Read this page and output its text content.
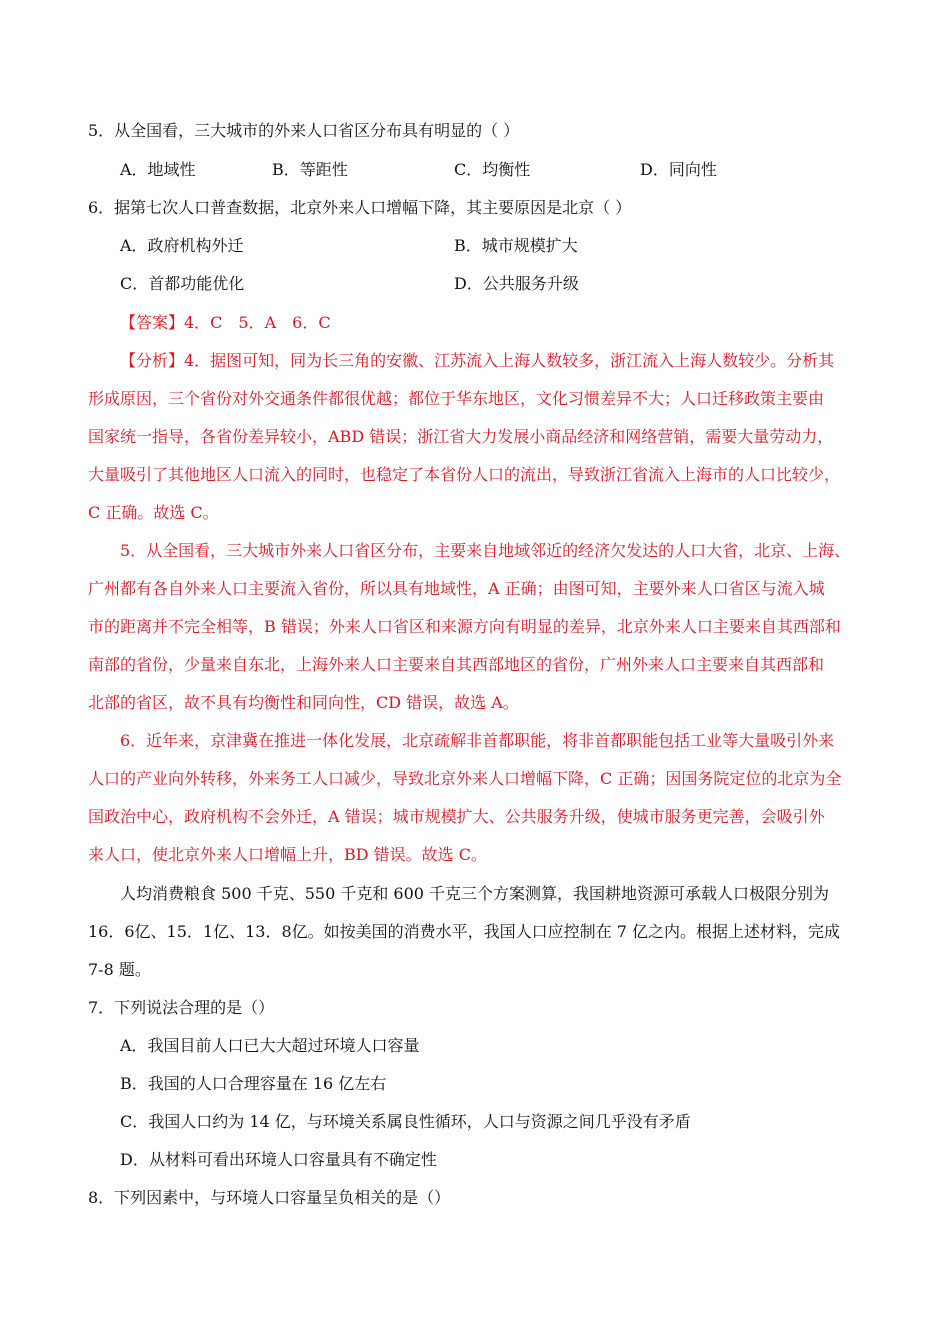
5．从全国看，三大城市的外来人口省区分布具有明显的（ ）
A．地域性	B．等距性	C．均衡性	D．同向性
6．据第七次人口普查数据，北京外来人口增幅下降，其主要原因是北京（ ）
A．政府机构外迁	B．城市规模扩大
C．首都功能优化	D．公共服务升级
【答案】4．C　5．A　6．C
【分析】4．据图可知，同为长三角的安徽、江苏流入上海人数较多，浙江流入上海人数较少。分析其
形成原因，三个省份对外交通条件都很优越；都位于华东地区，文化习惯差异不大；人口迁移政策主要由
国家统一指导，各省份差异较小，ABD 错误；浙江省大力发展小商品经济和网络营销，需要大量劳动力，
大量吸引了其他地区人口流入的同时，也稳定了本省份人口的流出，导致浙江省流入上海市的人口比较少，
C 正确。故选 C。
5．从全国看，三大城市外来人口省区分布，主要来自地域邻近的经济欠发达的人口大省，北京、上海、
广州都有各自外来人口主要流入省份，所以具有地域性，A 正确；由图可知，主要外来人口省区与流入城
市的距离并不完全相等，B 错误；外来人口省区和来源方向有明显的差异，北京外来人口主要来自其西部和
南部的省份，少量来自东北，上海外来人口主要来自其西部地区的省份，广州外来人口主要来自其西部和
北部的省区，故不具有均衡性和同向性，CD 错误，故选 A。
6．近年来，京津冀在推进一体化发展，北京疏解非首都职能，将非首都职能包括工业等大量吸引外来
人口的产业向外转移，外来务工人口减少，导致北京外来人口增幅下降，C 正确；因国务院定位的北京为全
国政治中心，政府机构不会外迁，A 错误；城市规模扩大、公共服务升级，使城市服务更完善，会吸引外
来人口，使北京外来人口增幅上升，BD 错误。故选 C。
人均消费粮食 500 千克、550 千克和 600 千克三个方案测算，我国耕地资源可承载人口极限分别为
16．6亿、15．1亿、13．8亿。如按美国的消费水平，我国人口应控制在 7 亿之内。根据上述材料，完成
7-8 题。
7．下列说法合理的是（）
A．我国目前人口已大大超过环境人口容量
B．我国的人口合理容量在 16 亿左右
C．我国人口约为 14 亿，与环境关系属良性循环，人口与资源之间几乎没有矛盾
D．从材料可看出环境人口容量具有不确定性
8．下列因素中，与环境人口容量呈负相关的是（）
